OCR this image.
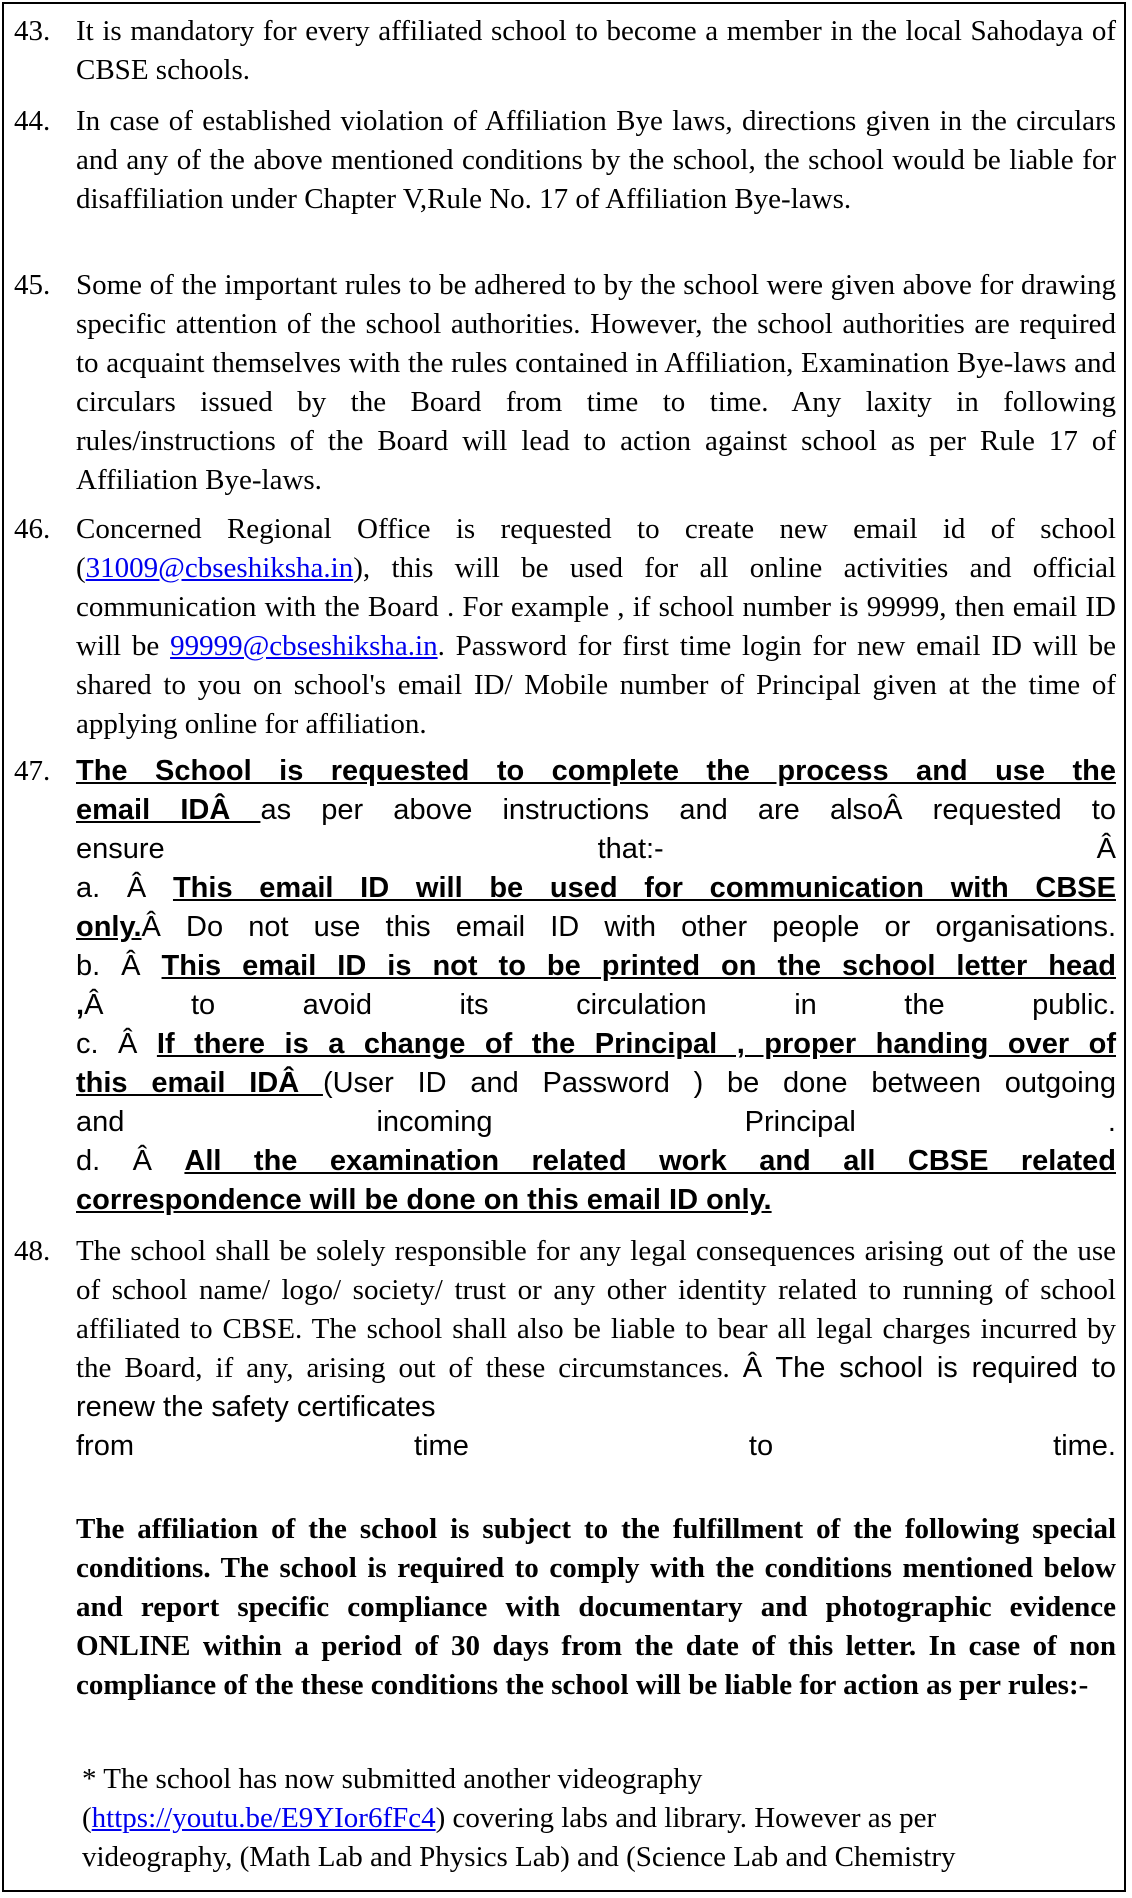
43. It is mandatory for every affiliated school to become a member in the local Sahodaya of CBSE schools.
44. In case of established violation of Affiliation Bye laws, directions given in the circulars and any of the above mentioned conditions by the school, the school would be liable for disaffiliation under Chapter V,Rule No. 17 of Affiliation Bye-laws.
45. Some of the important rules to be adhered to by the school were given above for drawing specific attention of the school authorities. However, the school authorities are required to acquaint themselves with the rules contained in Affiliation, Examination Bye-laws and circulars issued by the Board from time to time. Any laxity in following rules/instructions of the Board will lead to action against school as per Rule 17 of Affiliation Bye-laws.
46. Concerned Regional Office is requested to create new email id of school (31009@cbseshiksha.in), this will be used for all online activities and official communication with the Board . For example , if school number is 99999, then email ID will be 99999@cbseshiksha.in. Password for first time login for new email ID will be shared to you on school's email ID/ Mobile number of Principal given at the time of applying online for affiliation.
47. The School is requested to complete the process and use the
email IDÂ as per above instructions and are alsoÂ requested to
ensure	that:-	Â
a. Â This email ID will be used for communication with CBSE
only.Â Do not use this email ID with other people or organisations.
b. Â This email ID is not to be printed on the school letter head
,Â to avoid its circulation in the public.
c. Â If there is a change of the Principal , proper handing over of
this email IDÂ (User ID and Password ) be done between outgoing
and incoming Principal .
d. Â All the examination related work and all CBSE related
correspondence will be done on this email ID only.
48. The school shall be solely responsible for any legal consequences arising out of the use of school name/ logo/ society/ trust or any other identity related to running of school affiliated to CBSE. The school shall also be liable to bear all legal charges incurred by the Board, if any, arising out of these circumstances. Â The school is required to renew the safety certificates
from time to time.
The affiliation of the school is subject to the fulfillment of the following special conditions. The school is required to comply with the conditions mentioned below and report specific compliance with documentary and photographic evidence ONLINE within a period of 30 days from the date of this letter. In case of non compliance of the these conditions the school will be liable for action as per rules:-
* The school has now submitted another videography
(https://youtu.be/E9YIor6fFc4) covering labs and library. However as per
videography, (Math Lab and Physics Lab) and (Science Lab and Chemistry
